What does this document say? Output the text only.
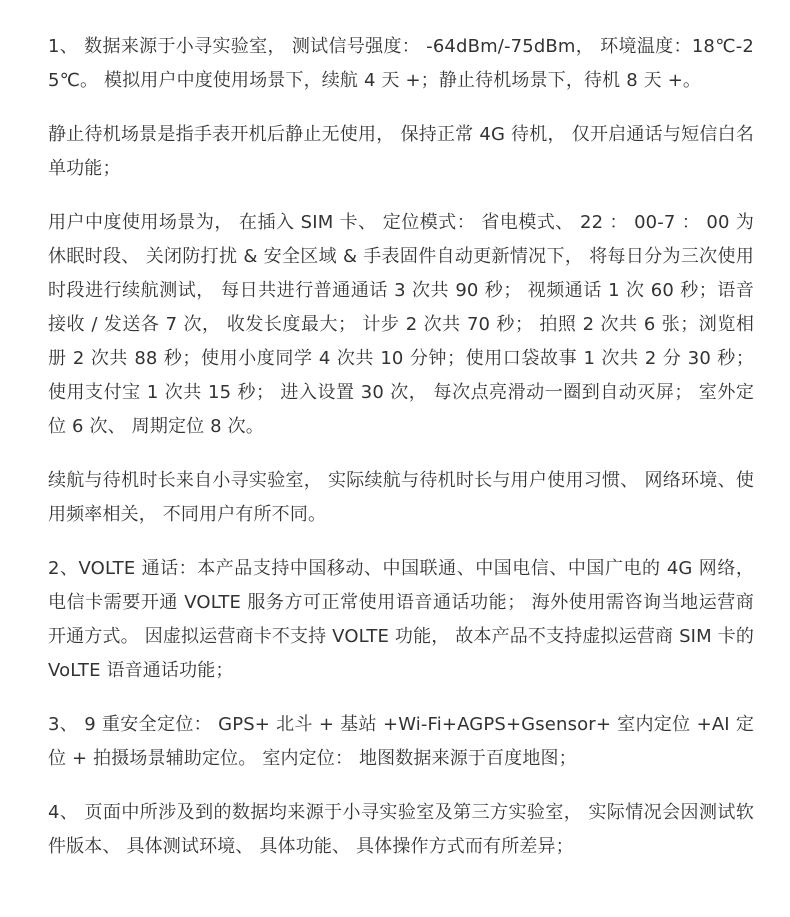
1、 数据来源于小寻实验室， 测试信号强度： -64dBm/-75dBm， 环境温度：18℃-25℃。 模拟用户中度使用场景下，续航 4 天 +；静止待机场景下，待机 8 天 +。

静止待机场景是指手表开机后静止无使用， 保持正常 4G 待机， 仅开启通话与短信白名单功能；

用户中度使用场景为， 在插入 SIM 卡、 定位模式： 省电模式、 22 ： 00-7 ： 00 为休眠时段、 关闭防打扰 & 安全区域 & 手表固件自动更新情况下， 将每日分为三次使用时段进行续航测试， 每日共进行普通通话 3 次共 90 秒； 视频通话 1 次 60 秒；语音接收 / 发送各 7 次， 收发长度最大； 计步 2 次共 70 秒； 拍照 2 次共 6 张；浏览相册 2 次共 88 秒；使用小度同学 4 次共 10 分钟；使用口袋故事 1 次共 2 分 30 秒；使用支付宝 1 次共 15 秒； 进入设置 30 次， 每次点亮滑动一圈到自动灭屏； 室外定位 6 次、 周期定位 8 次。

续航与待机时长来自小寻实验室， 实际续航与待机时长与用户使用习惯、 网络环境、使用频率相关， 不同用户有所不同。

2、VOLTE 通话：本产品支持中国移动、中国联通、中国电信、中国广电的 4G 网络，电信卡需要开通 VOLTE 服务方可正常使用语音通话功能； 海外使用需咨询当地运营商开通方式。 因虚拟运营商卡不支持 VOLTE 功能， 故本产品不支持虚拟运营商 SIM 卡的 VoLTE 语音通话功能；

3、 9 重安全定位： GPS+ 北斗 + 基站 +Wi-Fi+AGPS+Gsensor+ 室内定位 +AI 定位 + 拍摄场景辅助定位。 室内定位： 地图数据来源于百度地图；

4、 页面中所涉及到的数据均来源于小寻实验室及第三方实验室， 实际情况会因测试软件版本、 具体测试环境、 具体功能、 具体操作方式而有所差异；
